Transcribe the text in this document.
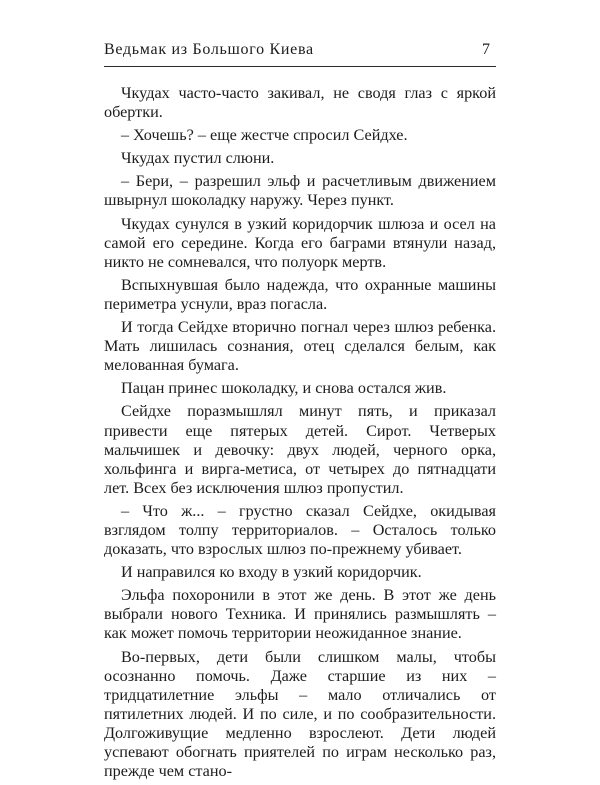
Ведьмак из Большого Киева	7

Чкудах часто-часто закивал, не сводя глаз с яркой обертки.

– Хочешь? – еще жестче спросил Сейдхе.

Чкудах пустил слюни.

– Бери, – разрешил эльф и расчетливым движением швырнул шоколадку наружу. Через пункт.

Чкудах сунулся в узкий коридорчик шлюза и осел на самой его середине. Когда его баграми втянули назад, никто не сомневался, что полуорк мертв.

Вспыхнувшая было надежда, что охранные машины периметра уснули, враз погасла.

И тогда Сейдхе вторично погнал через шлюз ребенка. Мать лишилась сознания, отец сделался белым, как мелованная бумага.

Пацан принес шоколадку, и снова остался жив.

Сейдхе поразмышлял минут пять, и приказал привести еще пятерых детей. Сирот. Четверых мальчишек и девочку: двух людей, черного орка, хольфинга и вирга-метиса, от четырех до пятнадцати лет. Всех без исключения шлюз пропустил.

– Что ж... – грустно сказал Сейдхе, окидывая взглядом толпу территориалов. – Осталось только доказать, что взрослых шлюз по-прежнему убивает.

И направился ко входу в узкий коридорчик.

Эльфа похоронили в этот же день. В этот же день выбрали нового Техника. И принялись размышлять – как может помочь территории неожиданное знание.

Во-первых, дети были слишком малы, чтобы осознанно помочь. Даже старшие из них – тридцатилетние эльфы – мало отличались от пятилетних людей. И по силе, и по сообразительности. Долгоживущие медленно взрослеют. Дети людей успевают обогнать приятелей по играм несколько раз, прежде чем стано-
